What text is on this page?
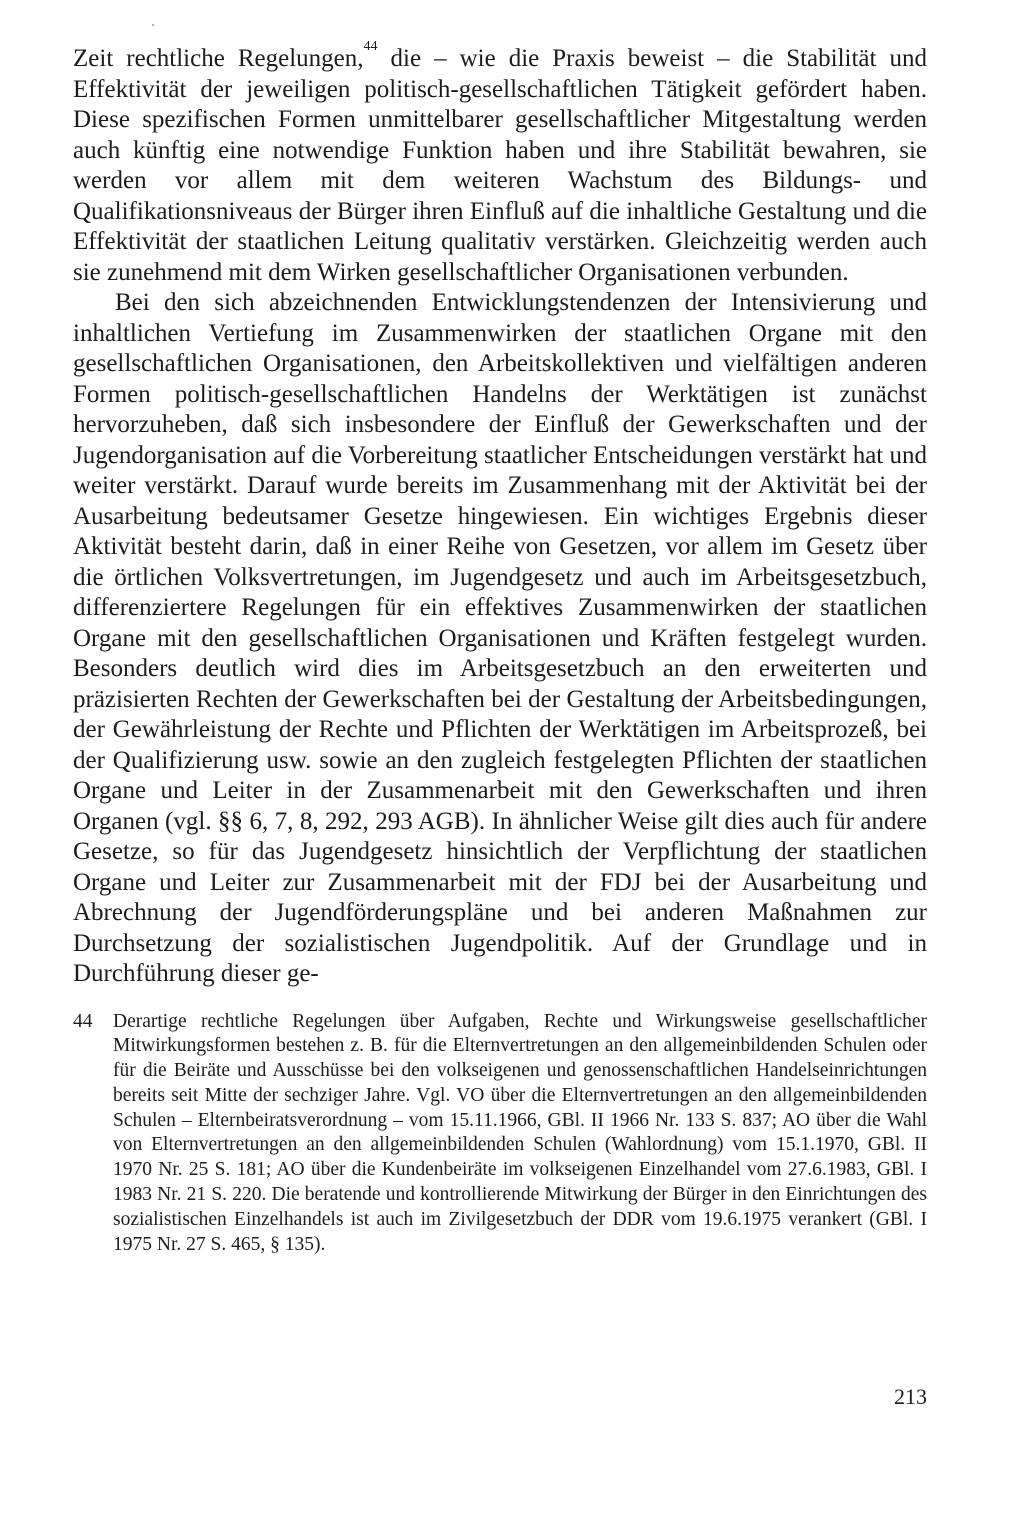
Zeit rechtliche Regelungen,$^{44}$ die – wie die Praxis beweist – die Stabilität und Effektivität der jeweiligen politisch-gesellschaftlichen Tätigkeit gefördert haben. Diese spezifischen Formen unmittelbarer gesellschaftlicher Mitgestaltung werden auch künftig eine notwendige Funktion haben und ihre Stabilität bewahren, sie werden vor allem mit dem weiteren Wachstum des Bildungs- und Qualifikationsniveaus der Bürger ihren Einfluß auf die inhaltliche Gestaltung und die Effektivität der staatlichen Leitung qualitativ verstärken. Gleichzeitig werden auch sie zunehmend mit dem Wirken gesellschaftlicher Organisationen verbunden.

Bei den sich abzeichnenden Entwicklungstendenzen der Intensivierung und inhaltlichen Vertiefung im Zusammenwirken der staatlichen Organe mit den gesellschaftlichen Organisationen, den Arbeitskollektiven und vielfältigen anderen Formen politisch-gesellschaftlichen Handelns der Werktätigen ist zunächst hervorzuheben, daß sich insbesondere der Einfluß der Gewerkschaften und der Jugendorganisation auf die Vorbereitung staatlicher Entscheidungen verstärkt hat und weiter verstärkt. Darauf wurde bereits im Zusammenhang mit der Aktivität bei der Ausarbeitung bedeutsamer Gesetze hingewiesen. Ein wichtiges Ergebnis dieser Aktivität besteht darin, daß in einer Reihe von Gesetzen, vor allem im Gesetz über die örtlichen Volksvertretungen, im Jugendgesetz und auch im Arbeitsgesetzbuch, differenziertere Regelungen für ein effektives Zusammenwirken der staatlichen Organe mit den gesellschaftlichen Organisationen und Kräften festgelegt wurden. Besonders deutlich wird dies im Arbeitsgesetzbuch an den erweiterten und präzisierten Rechten der Gewerkschaften bei der Gestaltung der Arbeitsbedingungen, der Gewährleistung der Rechte und Pflichten der Werktätigen im Arbeitsprozeß, bei der Qualifizierung usw. sowie an den zugleich festgelegten Pflichten der staatlichen Organe und Leiter in der Zusammenarbeit mit den Gewerkschaften und ihren Organen (vgl. §§ 6, 7, 8, 292, 293 AGB). In ähnlicher Weise gilt dies auch für andere Gesetze, so für das Jugendgesetz hinsichtlich der Verpflichtung der staatlichen Organe und Leiter zur Zusammenarbeit mit der FDJ bei der Ausarbeitung und Abrechnung der Jugendförderungspläne und bei anderen Maßnahmen zur Durchsetzung der sozialistischen Jugendpolitik. Auf der Grundlage und in Durchführung dieser ge-

44 Derartige rechtliche Regelungen über Aufgaben, Rechte und Wirkungsweise gesellschaftlicher Mitwirkungsformen bestehen z. B. für die Elternvertretungen an den allgemeinbildenden Schulen oder für die Beiräte und Ausschüsse bei den volkseigenen und genossenschaftlichen Handelseinrichtungen bereits seit Mitte der sechziger Jahre. Vgl. VO über die Elternvertretungen an den allgemeinbildenden Schulen – Elternbeiratsverordnung – vom 15.11.1966, GBl. II 1966 Nr. 133 S. 837; AO über die Wahl von Elternvertretungen an den allgemeinbildenden Schulen (Wahlordnung) vom 15.1.1970, GBl. II 1970 Nr. 25 S. 181; AO über die Kundenbeiräte im volkseigenen Einzelhandel vom 27.6.1983, GBl. I 1983 Nr. 21 S. 220. Die beratende und kontrollierende Mitwirkung der Bürger in den Einrichtungen des sozialistischen Einzelhandels ist auch im Zivilgesetzbuch der DDR vom 19.6.1975 verankert (GBl. I 1975 Nr. 27 S. 465, § 135).
213
